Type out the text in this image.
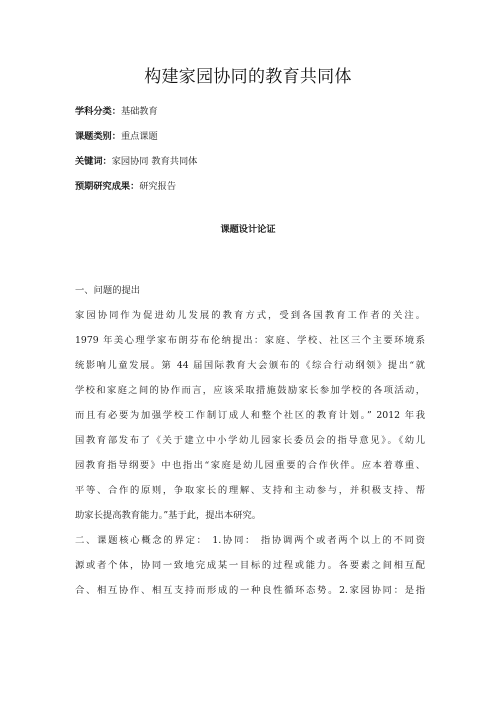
构建家园协同的教育共同体
学科分类：基础教育
课题类别：重点课题
关键词：家园协同 教育共同体
预期研究成果：研究报告
课题设计论证
一、问题的提出
家园协同作为促进幼儿发展的教育方式，受到各国教育工作者的关注。
1979 年美心理学家布朗芬布伦纳提出：家庭、学校、社区三个主要环境系
统影响儿童发展。第 44 届国际教育大会颁布的《综合行动纲领》提出“就
学校和家庭之间的协作而言，应该采取措施鼓励家长参加学校的各项活动，
而且有必要为加强学校工作制订成人和整个社区的教育计划。” 2012 年我
国教育部发布了《关于建立中小学幼儿园家长委员会的指导意见》。《幼儿
园教育指导纲要》中也指出“家庭是幼儿园重要的合作伙伴。应本着尊重、
平等、合作的原则，争取家长的理解、支持和主动参与，并积极支持、帮
助家长提高教育能力。”基于此，提出本研究。
二、课题核心概念的界定： 1.协同： 指协调两个或者两个以上的不同资
源或者个体，协同一致地完成某一目标的过程或能力。各要素之间相互配
合、相互协作、相互支持而形成的一种良性循环态势。2.家园协同：是指
